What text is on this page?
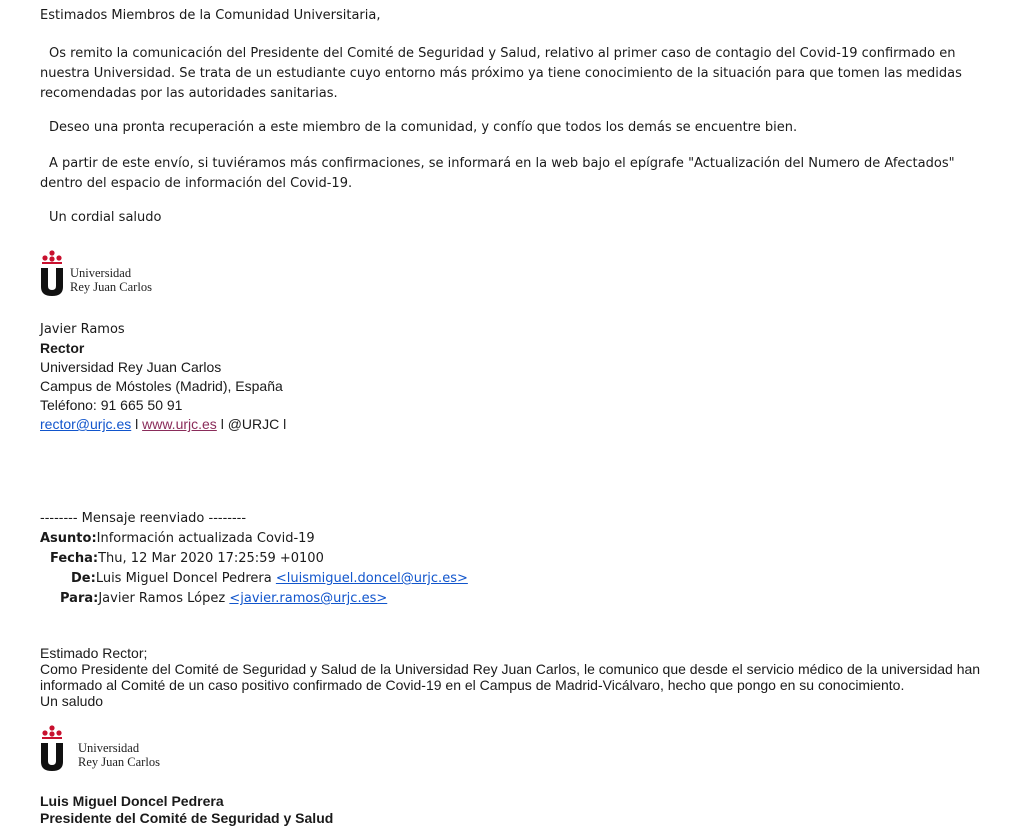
Estimados Miembros de la Comunidad Universitaria,
Os remito la comunicación del Presidente del Comité de Seguridad y Salud, relativo al primer caso de contagio del Covid-19 confirmado en nuestra Universidad. Se trata de un estudiante cuyo entorno más próximo ya tiene conocimiento de la situación para que tomen las medidas recomendadas por las autoridades sanitarias.
Deseo una pronta recuperación a este miembro de la comunidad, y confío que todos los demás se encuentre bien.
A partir de este envío, si tuviéramos más confirmaciones, se informará en la web bajo el epígrafe "Actualización del Numero de Afectados" dentro del espacio de información del Covid-19.
Un cordial saludo
Universidad
Rey Juan Carlos
Javier Ramos
Rector
Universidad Rey Juan Carlos
Campus de Móstoles (Madrid), España
Teléfono: 91 665 50 91
rector@urjc.es l www.urjc.es l @URJC l
-------- Mensaje reenviado --------
Asunto:Información actualizada Covid-19
Fecha:Thu, 12 Mar 2020 17:25:59 +0100
De:Luis Miguel Doncel Pedrera <luismiguel.doncel@urjc.es>
Para:Javier Ramos López <javier.ramos@urjc.es>
Estimado Rector;
Como Presidente del Comité de Seguridad y Salud de la Universidad Rey Juan Carlos, le comunico que desde el servicio médico de la universidad han informado al Comité de un caso positivo confirmado de Covid-19 en el Campus de Madrid-Vicálvaro, hecho que pongo en su conocimiento.
Un saludo
Universidad
Rey Juan Carlos
Luis Miguel Doncel Pedrera
Presidente del Comité de Seguridad y Salud
